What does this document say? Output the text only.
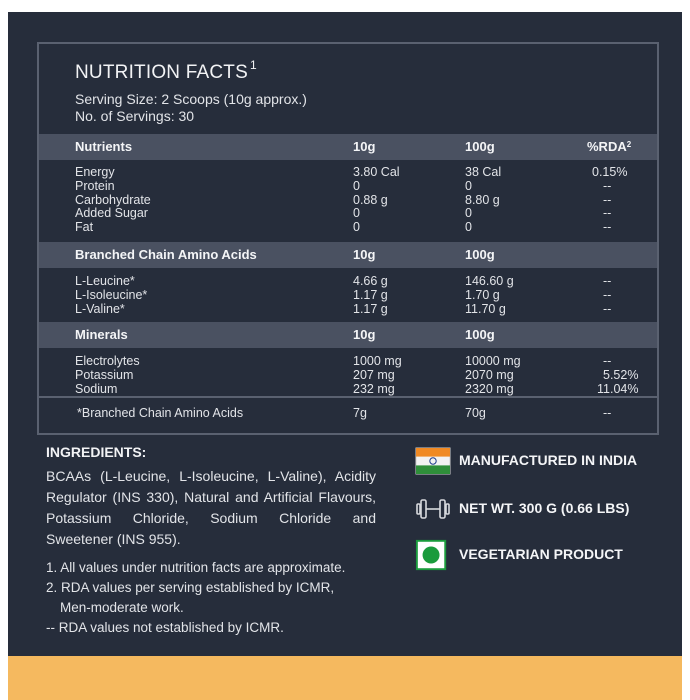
NUTRITION FACTS $^1$
Serving Size: 2 Scoops (10g approx.)
No. of Servings: 30
Nutrients	10g	100g	%RDA$^2$
Energy	3.80 Cal	38 Cal	0.15%
Protein	0	0	--
Carbohydrate	0.88 g	8.80 g	--
Added Sugar	0	0	--
Fat	0	0	--
Branched Chain Amino Acids	10g	100g
L-Leucine*	4.66 g	146.60 g	--
L-Isoleucine*	1.17 g	1.70 g	--
L-Valine*	1.17 g	11.70 g	--
Minerals	10g	100g
Electrolytes	1000 mg	10000 mg	--
Potassium	207 mg	2070 mg	5.52%
Sodium	232 mg	2320 mg	11.04%
*Branched Chain Amino Acids	7g	70g	--
INGREDIENTS:
BCAAs (L-Leucine, L-Isoleucine, L-Valine), Acidity Regulator (INS 330), Natural and Artificial Flavours, Potassium Chloride, Sodium Chloride and Sweetener (INS 955).
1. All values under nutrition facts are approximate.
2. RDA values per serving established by ICMR,
Men-moderate work.
-- RDA values not established by ICMR.
MANUFACTURED IN INDIA
NET WT. 300 G (0.66 LBS)
VEGETARIAN PRODUCT
